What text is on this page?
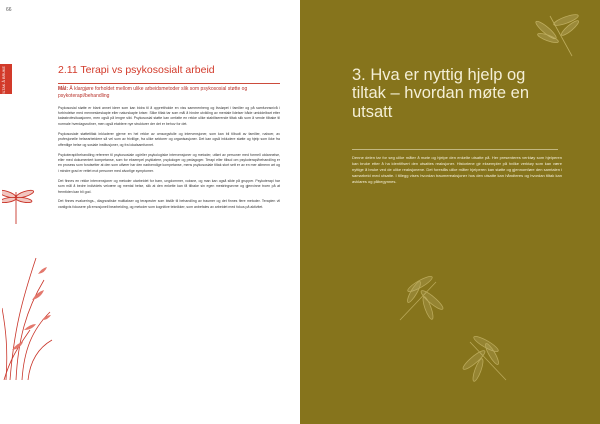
66
TILTAK Å BRUKE	2.11 Terapi vs psykososialt arbeid
Mål: Å klargjøre forholdet mellom ulike arbeidsmetoder slik som psykososial støtte og psykoterapi/behandling

Psykososial støtte er blant annet ideer som kan bidra til å opprettholde en viss sammenheng og livsløpet i familier og på samfunnsnivå i forbindelse med menneskeskapte eller naturskapte kriser. Slike tiltak tar som mål å hindre utvikling av mentale lidelser både umiddelbart etter katastrofesituasjonen, men også på lengre sikt. Psykososial støtte kan omfatte en rekke ulike stabiliserende tiltak slik som å vende tilbake til normale hverdagsrutiner, men også etablere nye strukturer der det er behov for det.

Psykososiale støttetiltak inkluderer gjerne en hel rekke av omsorgsfulle og intervensjoner, som kan bli tilbudt av familier, naboer, av profesjonelle helsearbeidere så vel som av frivillige, fra ulike sektorer og organisasjoner. Det kan også inkludere støtte og hjelp som ikke fra offentlige helse og sosiale institusjoner, og fra lokalsamfunnet.

Psykoterapi/behandling refererer til psykososiale og/eller psykologiske intervensjoner og metoder, utført av personer med formell utdannelse, eller med dokumentert kompetanse, som for eksempel psykiatere, psykologer og pedagoger. Terapi eller tilbud om psykoterapi/behandling er en prosess som forutsetter at den som utfører har den nødvendige kompetanse, mens psykososiale tiltak stort sett er av en mer allmenn art og i mindre grad er rettet mot personer med alvorlige symptomer.

Det finnes en rekke intervensjoner og metoder utarbeidet for barn, ungdommer, voksne, og man kan også sikte på grupper. Psykoterapi har som mål å bedre individets velvære og mental helse, slik at den enkelte kan få tilbake sin egen mestringsevne og gjenvinne troen på at fremtiden kan bli god.

Det finnes evaluerings-, diagnostiske multiakser og terapeuter som bistår til behandling av traumer og det finnes flere metoder. Terapien vil vanligvis fokusere på emosjonell bearbeiding, og metoder som kognitive teknikker, som anbefales av arbeidet med fokus på aktivitet.

3. Hva er nyttig hjelp og tiltak – hvordan møte en utsatt

Denne delen tar for seg ulike måter å møte og hjelpe den enkelte utsatte på. Her presenteres verktøy som hjelperen kan bruke etter å ha identifisert den utsattes reaksjoner. Historiene gir eksempler på hvilke verktøy som kan være nyttige å bruke ved de ulike reaksjonene. Det forestås ulike måter hjelperen kan støtte og gjennomføre den samtalen i samarbeid med utsatte. I tillegg vises hvordan traumereaksjoner hos den utsatte kan håndteres og hvordan tiltak kan avklares og påbegynnes.
